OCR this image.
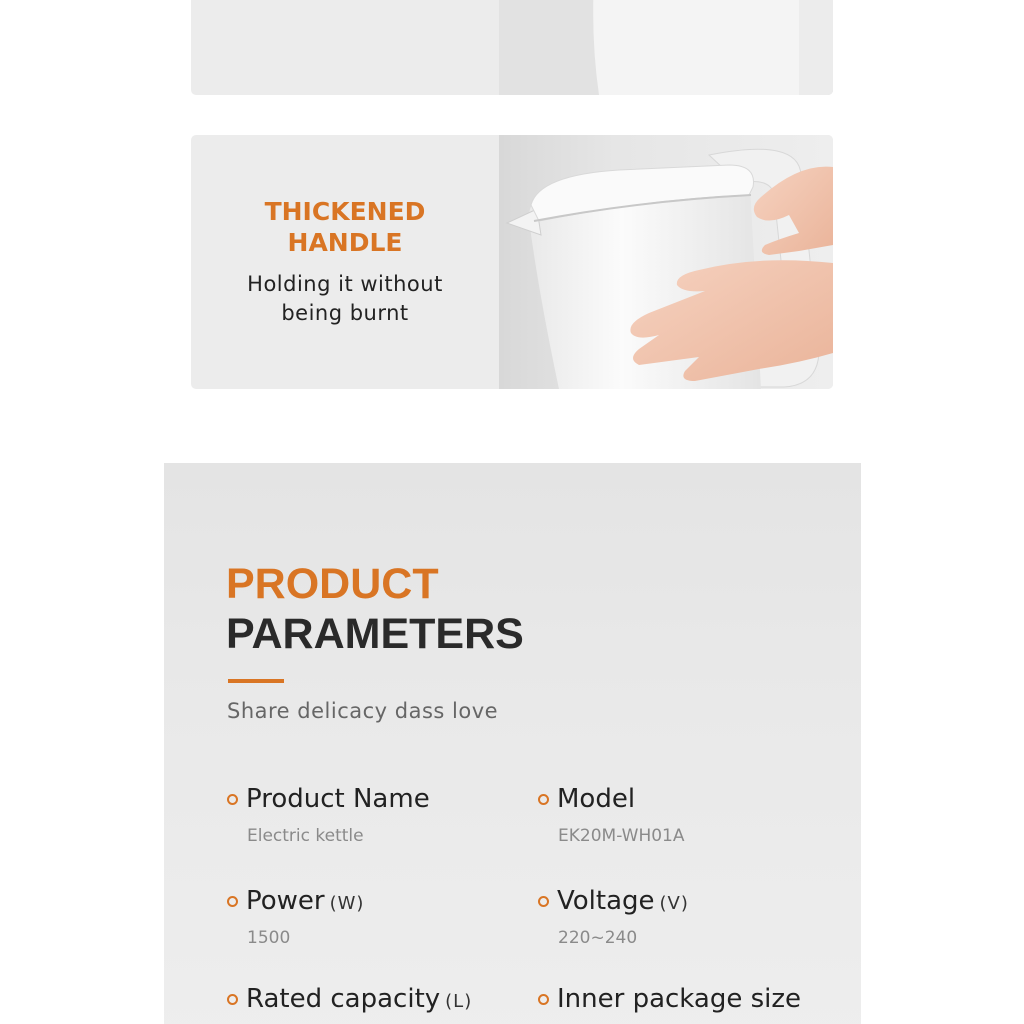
THICKENED HANDLE
Holding it without being burnt
PRODUCT
PARAMETERS
Share delicacy dass love
Product Name
Electric kettle
Model
EK20M-WH01A
Power (W)
1500
Voltage (V)
220~240
Rated capacity (L)	Inner package size
